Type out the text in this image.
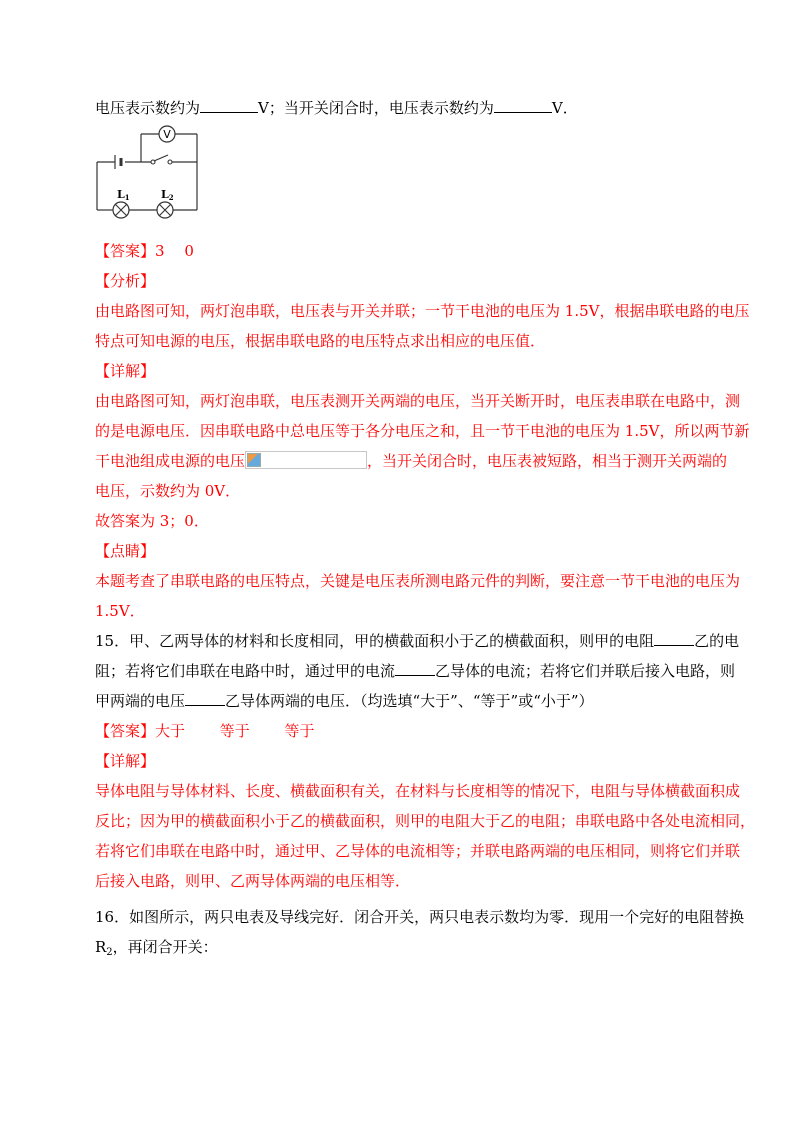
电压表示数约为	V；当开关闭合时，电压表示数约为	V．
V
L1	L2
【答案】3　 0
【分析】
由电路图可知，两灯泡串联，电压表与开关并联；一节干电池的电压为 1.5V，根据串联电路的电压
特点可知电源的电压，根据串联电路的电压特点求出相应的电压值．
【详解】
由电路图可知，两灯泡串联，电压表测开关两端的电压，当开关断开时，电压表串联在电路中，测
的是电源电压．因串联电路中总电压等于各分电压之和，且一节干电池的电压为 1.5V，所以两节新
干电池组成电源的电压	，当开关闭合时，电压表被短路，相当于测开关两端的
电压，示数约为 0V．
故答案为 3；0．
【点睛】
本题考查了串联电路的电压特点，关键是电压表所测电路元件的判断，要注意一节干电池的电压为
1.5V．
15．甲、乙两导体的材料和长度相同，甲的横截面积小于乙的横截面积，则甲的电阻	乙的电
阻；若将它们串联在电路中时，通过甲的电流	乙导体的电流；若将它们并联后接入电路，则
甲两端的电压	乙导体两端的电压．（均选填“大于”、“等于”或“小于”）
【答案】大于　　 等于　　 等于
【详解】
导体电阻与导体材料、长度、横截面积有关，在材料与长度相等的情况下，电阻与导体横截面积成
反比；因为甲的横截面积小于乙的横截面积，则甲的电阻大于乙的电阻；串联电路中各处电流相同，
若将它们串联在电路中时，通过甲、乙导体的电流相等；并联电路两端的电压相同，则将它们并联
后接入电路，则甲、乙两导体两端的电压相等．
16．如图所示，两只电表及导线完好．闭合开关，两只电表示数均为零．现用一个完好的电阻替换
$R_2$，再闭合开关：
